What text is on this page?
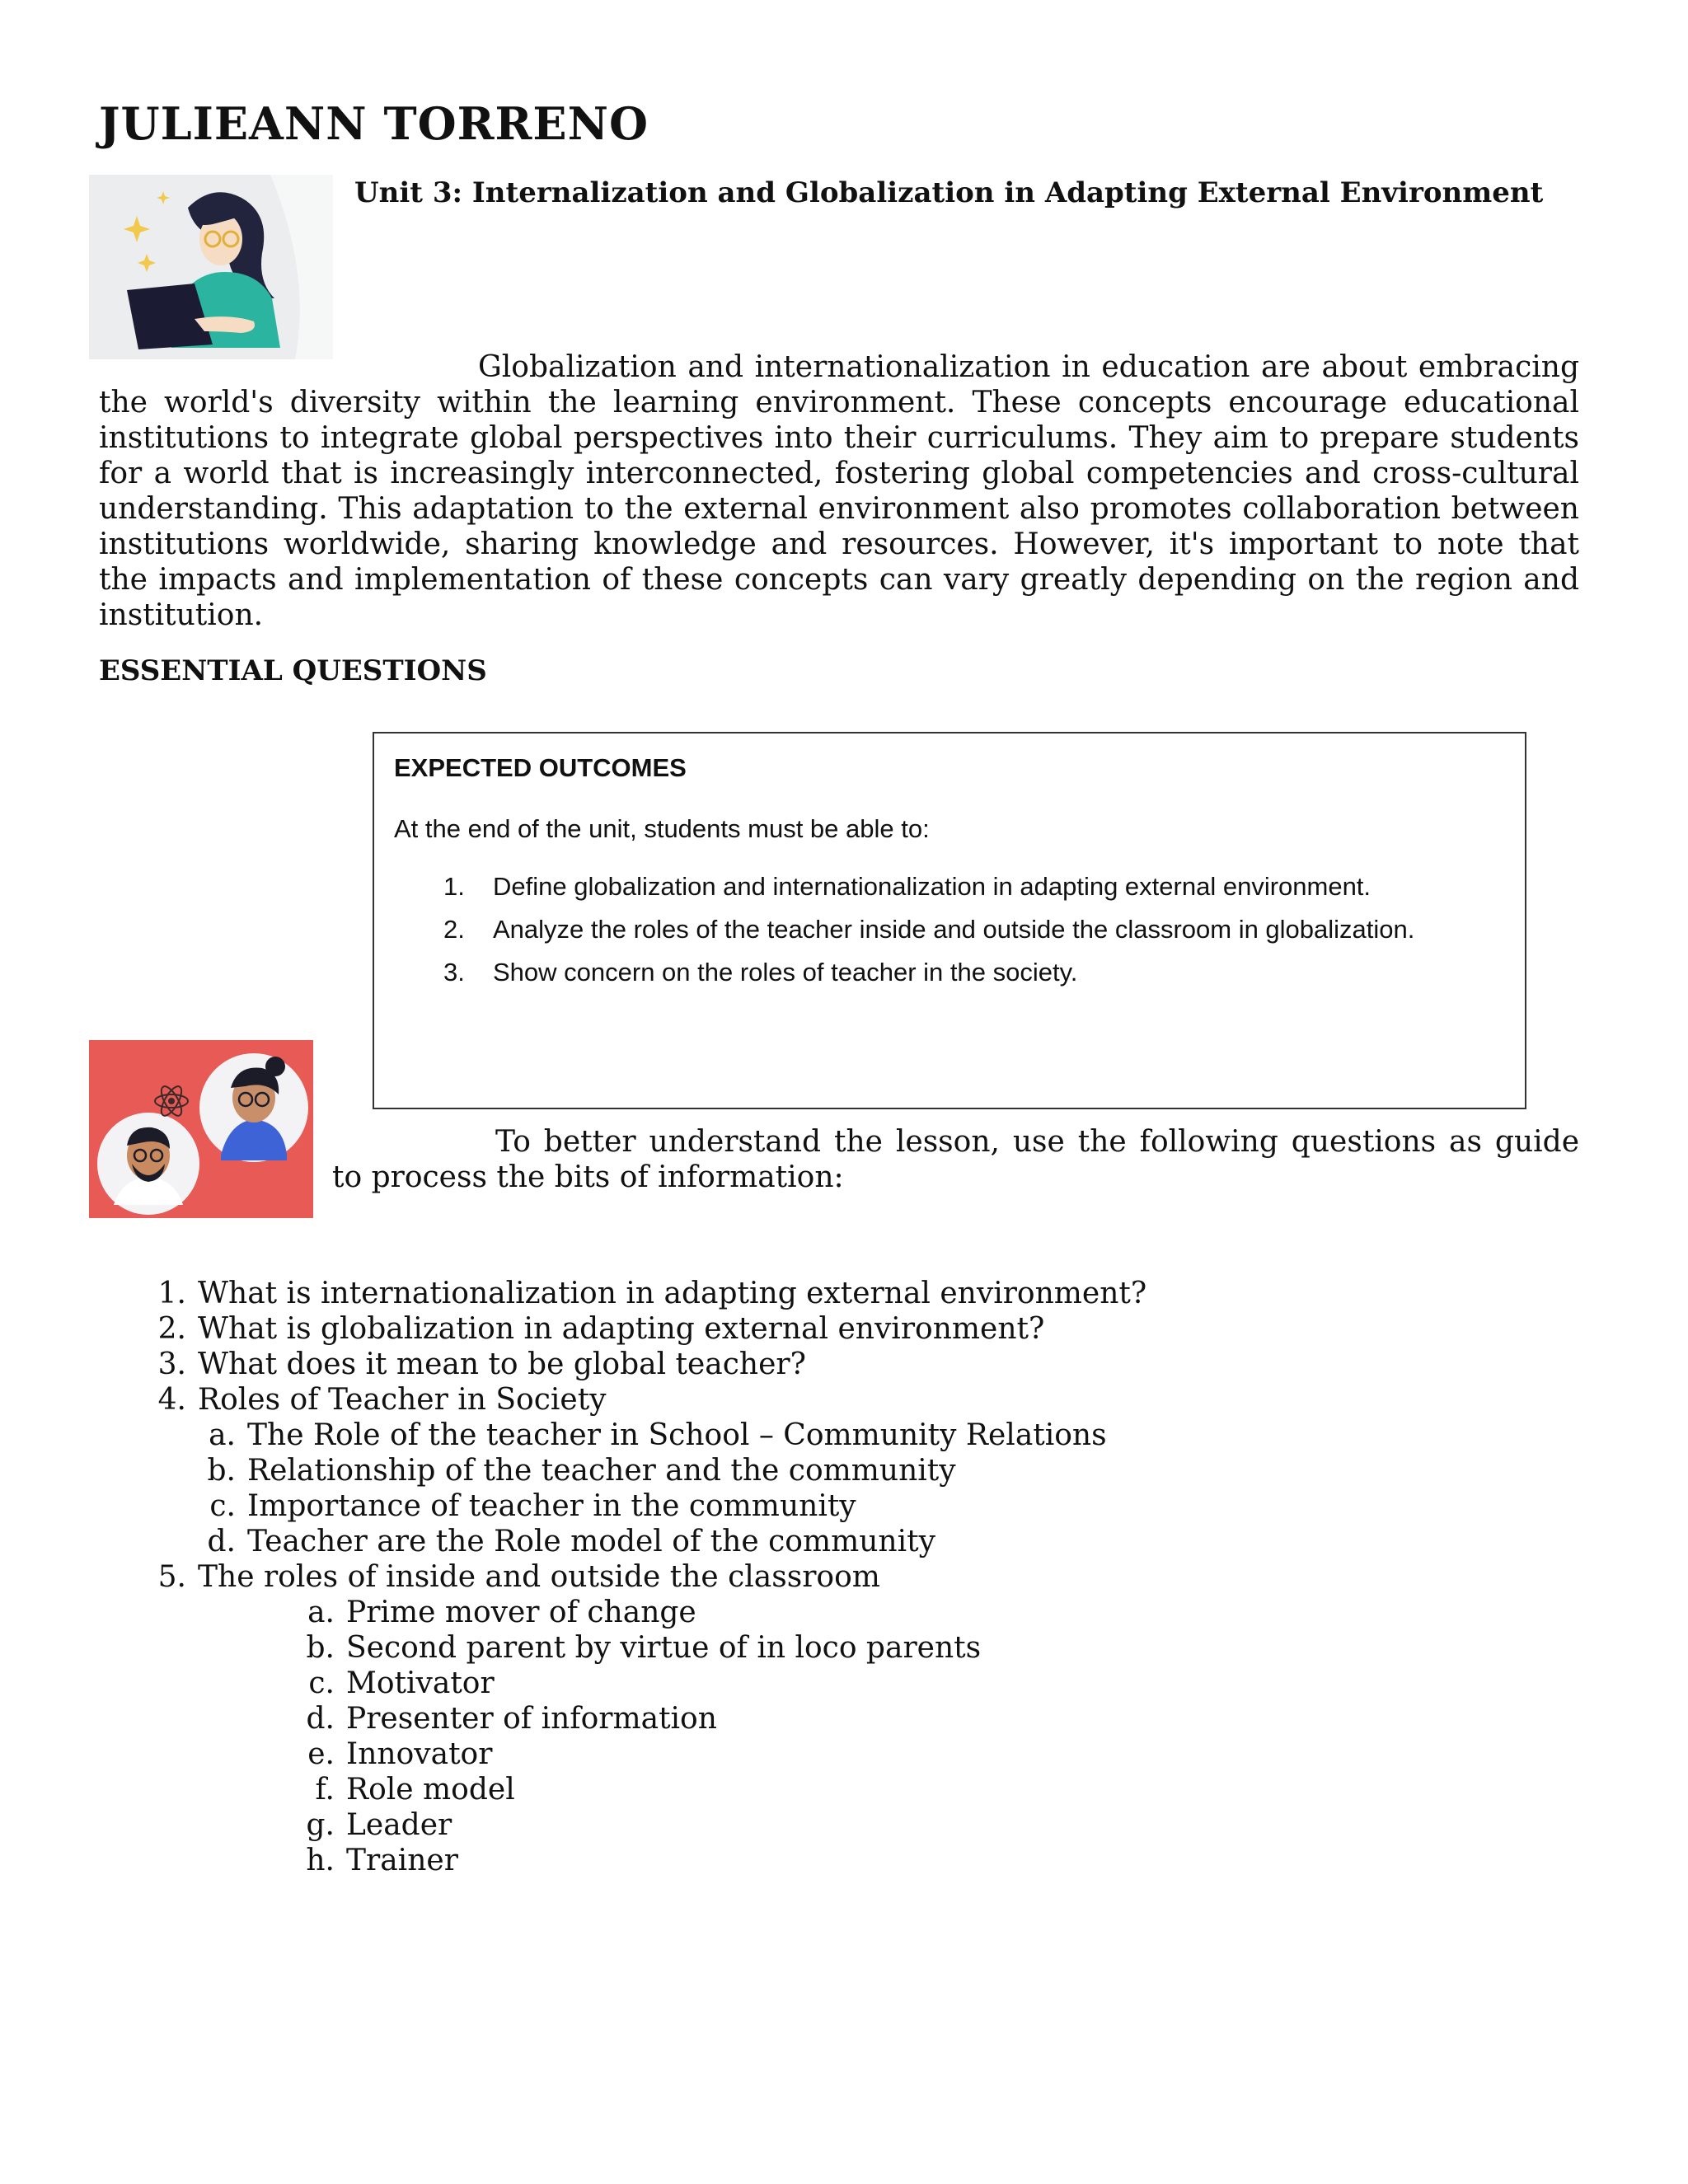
JULIEANN TORRENO
Unit 3: Internalization and Globalization in Adapting External Environment

Globalization and internationalization in education are about embracing the world's diversity within the learning environment. These concepts encourage educational institutions to integrate global perspectives into their curriculums. They aim to prepare students for a world that is increasingly interconnected, fostering global competencies and cross-cultural understanding. This adaptation to the external environment also promotes collaboration between institutions worldwide, sharing knowledge and resources. However, it's important to note that the impacts and implementation of these concepts can vary greatly depending on the region and institution.

ESSENTIAL QUESTIONS
EXPECTED OUTCOMES
At the end of the unit, students must be able to:
1. Define globalization and internationalization in adapting external environment.
2. Analyze the roles of the teacher inside and outside the classroom in globalization.
3. Show concern on the roles of teacher in the society.

To better understand the lesson, use the following questions as guide to process the bits of information:

1. What is internationalization in adapting external environment?
2. What is globalization in adapting external environment?
3. What does it mean to be global teacher?
4. Roles of Teacher in Society
a. The Role of the teacher in School – Community Relations
b. Relationship of the teacher and the community
c. Importance of teacher in the community
d. Teacher are the Role model of the community
5. The roles of inside and outside the classroom
a. Prime mover of change
b. Second parent by virtue of in loco parents
c. Motivator
d. Presenter of information
e. Innovator
f. Role model
g. Leader
h. Trainer
